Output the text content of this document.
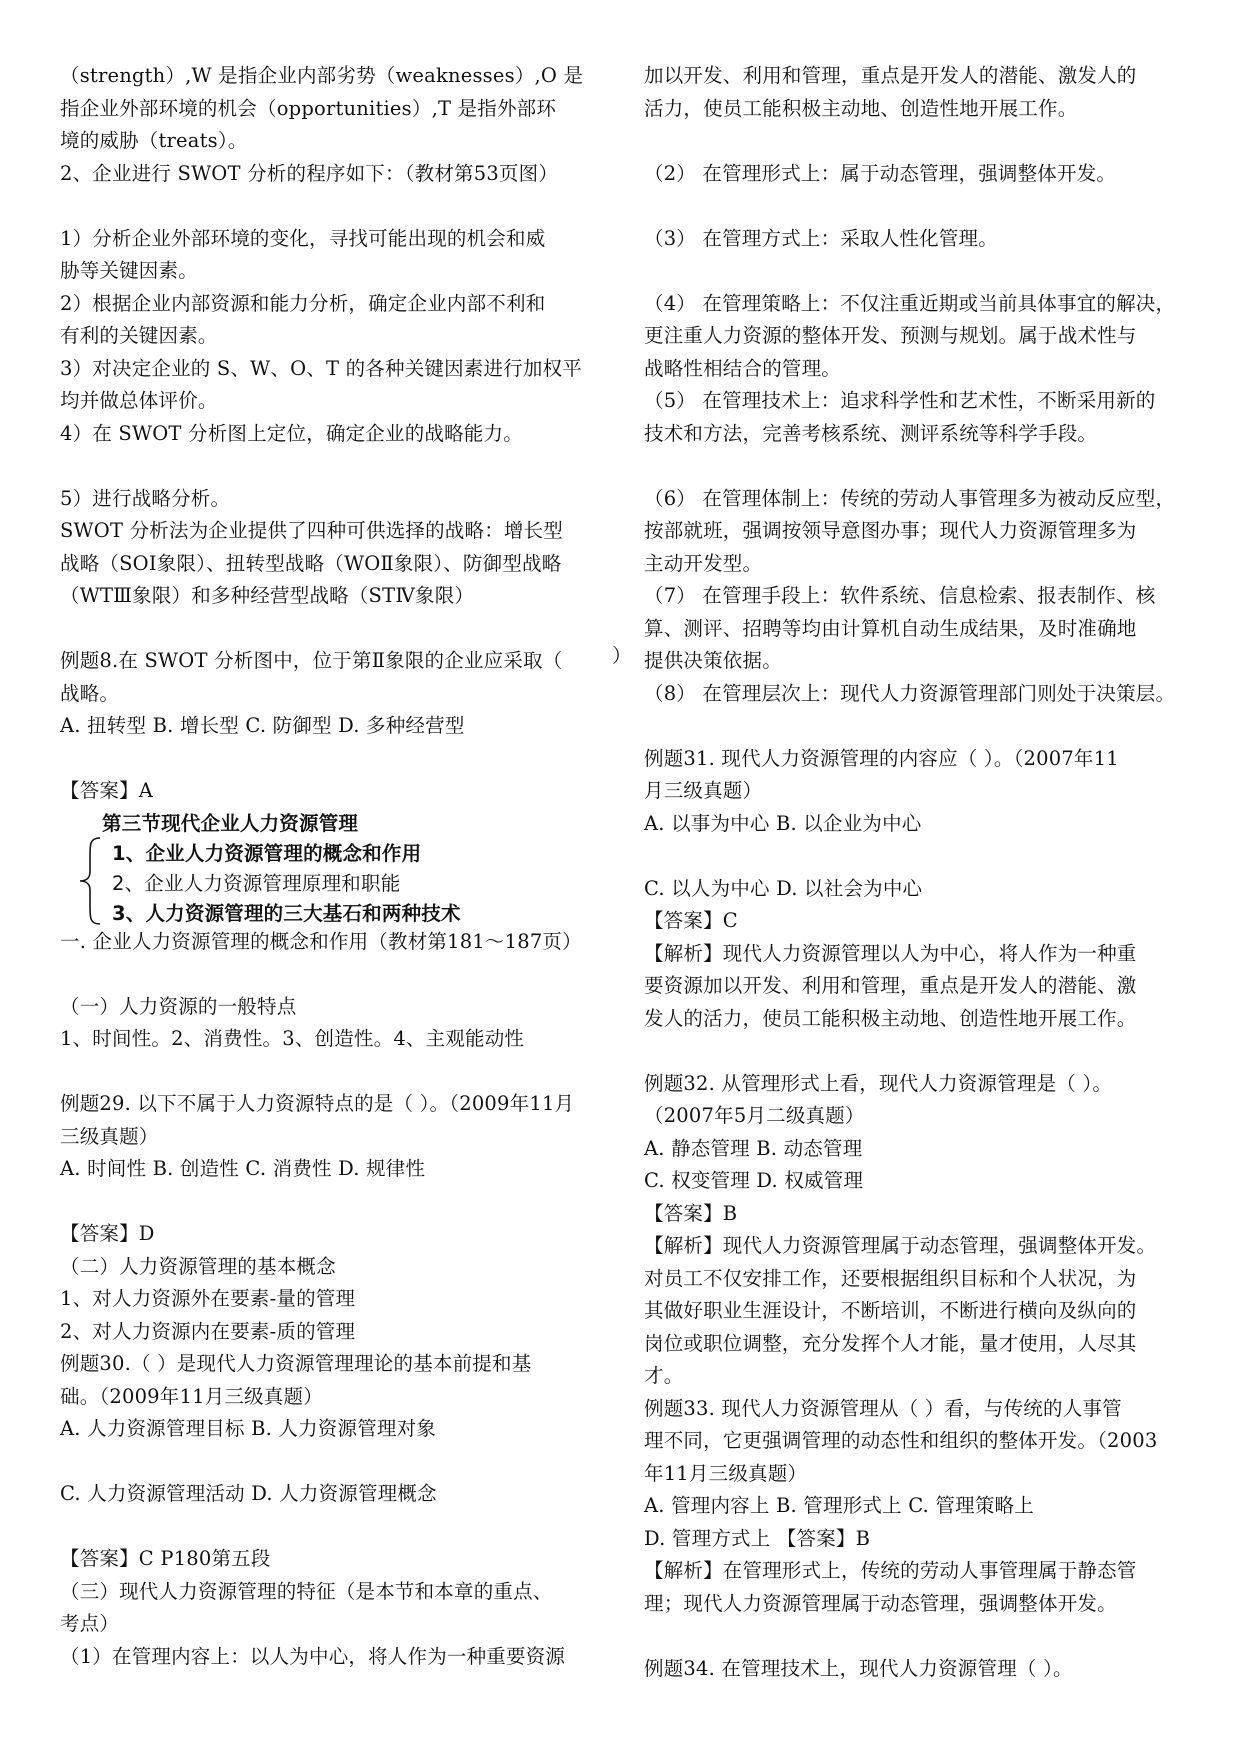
（strength）,W 是指企业内部劣势（weaknesses）,O 是
指企业外部环境的机会（opportunities）,T 是指外部环
境的威胁（treats）。
2、企业进行 SWOT 分析的程序如下：（教材第53页图）
1）分析企业外部环境的变化，寻找可能出现的机会和威
胁等关键因素。
2）根据企业内部资源和能力分析，确定企业内部不利和
有利的关键因素。
3）对决定企业的 S、W、O、T 的各种关键因素进行加权平
均并做总体评价。
4）在 SWOT 分析图上定位，确定企业的战略能力。
5）进行战略分析。
SWOT 分析法为企业提供了四种可供选择的战略：增长型
战略（SOⅠ象限）、扭转型战略（WOⅡ象限）、防御型战略
（WTⅢ象限）和多种经营型战略（STⅣ象限）
例题8.在 SWOT 分析图中，位于第Ⅱ象限的企业应采取（
战略。
A. 扭转型 B. 增长型 C. 防御型 D. 多种经营型
【答案】A
第三节现代企业人力资源管理
1、企业人力资源管理的概念和作用
2、企业人力资源管理原理和职能
3、人力资源管理的三大基石和两种技术
一. 企业人力资源管理的概念和作用（教材第181～187页）
（一）人力资源的一般特点
1、时间性。2、消费性。3、创造性。4、主观能动性
例题29. 以下不属于人力资源特点的是（ ）。（2009年11月
三级真题）
A. 时间性 B. 创造性 C. 消费性 D. 规律性
【答案】D
（二）人力资源管理的基本概念
1、对人力资源外在要素-量的管理
2、对人力资源内在要素-质的管理
例题30.（ ）是现代人力资源管理理论的基本前提和基
础。（2009年11月三级真题）
A. 人力资源管理目标 B. 人力资源管理对象
C. 人力资源管理活动 D. 人力资源管理概念
【答案】C P180第五段
（三）现代人力资源管理的特征（是本节和本章的重点、
考点）
（1）在管理内容上：以人为中心，将人作为一种重要资源
）
加以开发、利用和管理，重点是开发人的潜能、激发人的
活力，使员工能积极主动地、创造性地开展工作。
（2） 在管理形式上：属于动态管理，强调整体开发。
（3） 在管理方式上：采取人性化管理。
（4） 在管理策略上：不仅注重近期或当前具体事宜的解决，
更注重人力资源的整体开发、预测与规划。属于战术性与
战略性相结合的管理。
（5） 在管理技术上：追求科学性和艺术性，不断采用新的
技术和方法，完善考核系统、测评系统等科学手段。
（6） 在管理体制上：传统的劳动人事管理多为被动反应型，
按部就班，强调按领导意图办事；现代人力资源管理多为
主动开发型。
（7） 在管理手段上：软件系统、信息检索、报表制作、核
算、测评、招聘等均由计算机自动生成结果，及时准确地
提供决策依据。
（8） 在管理层次上：现代人力资源管理部门则处于决策层。
例题31. 现代人力资源管理的内容应（ ）。（2007年11
月三级真题）
A. 以事为中心 B. 以企业为中心
C. 以人为中心 D. 以社会为中心
【答案】C
【解析】现代人力资源管理以人为中心，将人作为一种重
要资源加以开发、利用和管理，重点是开发人的潜能、激
发人的活力，使员工能积极主动地、创造性地开展工作。
例题32. 从管理形式上看，现代人力资源管理是（ ）。
（2007年5月二级真题）
A. 静态管理 B. 动态管理
C. 权变管理 D. 权威管理
【答案】B
【解析】现代人力资源管理属于动态管理，强调整体开发。
对员工不仅安排工作，还要根据组织目标和个人状况，为
其做好职业生涯设计，不断培训，不断进行横向及纵向的
岗位或职位调整，充分发挥个人才能，量才使用，人尽其
才。
例题33. 现代人力资源管理从（ ）看，与传统的人事管
理不同，它更强调管理的动态性和组织的整体开发。（2003
年11月三级真题）
A. 管理内容上 B. 管理形式上 C. 管理策略上
D. 管理方式上 【答案】B
【解析】在管理形式上，传统的劳动人事管理属于静态管
理；现代人力资源管理属于动态管理，强调整体开发。
例题34. 在管理技术上，现代人力资源管理（ ）。
